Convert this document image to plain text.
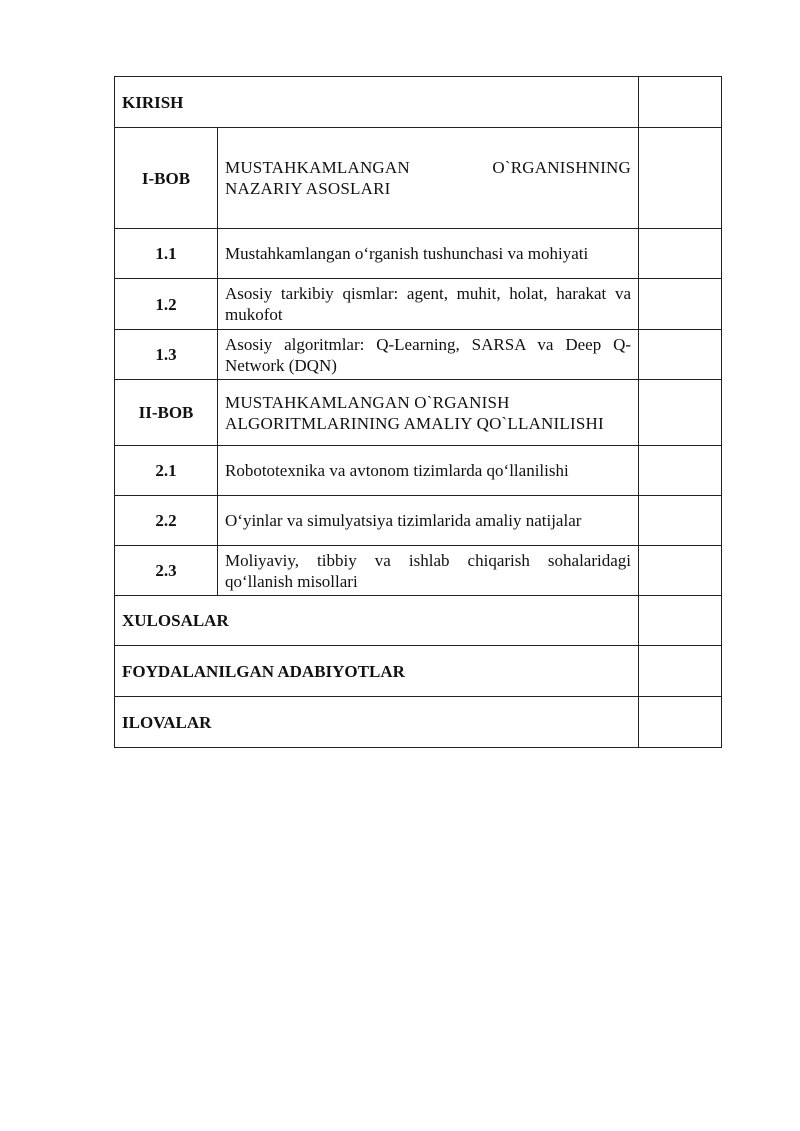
KIRISH		
I-BOB	MUSTAHKAMLANGAN O`RGANISHNING NAZARIY ASOSLARI	
1.1	Mustahkamlangan o‘rganish tushunchasi va mohiyati	
1.2	Asosiy tarkibiy qismlar: agent, muhit, holat, harakat va mukofot	
1.3	Asosiy algoritmlar: Q-Learning, SARSA va Deep Q-Network (DQN)	
II-BOB	MUSTAHKAMLANGAN O`RGANISH ALGORITMLARINING AMALIY QO`LLANILISHI	
2.1	Robototexnika va avtonom tizimlarda qo‘llanilishi	
2.2	O‘yinlar va simulyatsiya tizimlarida amaliy natijalar	
2.3	Moliyaviy, tibbiy va ishlab chiqarish sohalaridagi qo‘llanish misollari	
XULOSALAR		
FOYDALANILGAN ADABIYOTLAR		
ILOVALAR		
